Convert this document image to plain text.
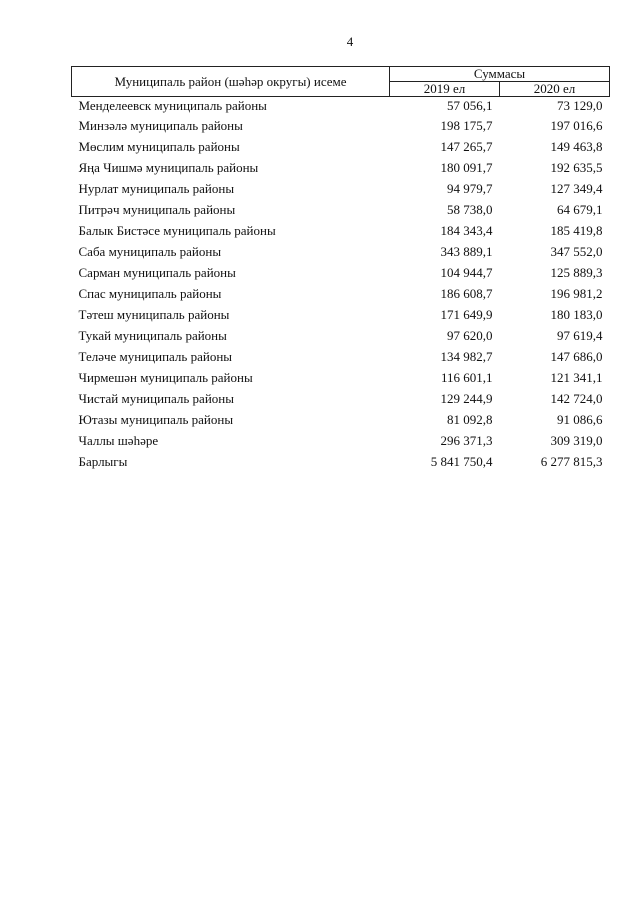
4
Муниципаль район (шәһәр округы) исеме	Суммасы	
	2019 ел	2020 ел
Менделеевск муниципаль районы	57 056,1	73 129,0
Минзәлә муниципаль районы	198 175,7	197 016,6
Мөслим муниципаль районы	147 265,7	149 463,8
Яңа Чишмә муниципаль районы	180 091,7	192 635,5
Нурлат муниципаль районы	94 979,7	127 349,4
Питрәч муниципаль районы	58 738,0	64 679,1
Балык Бистәсе муниципаль районы	184 343,4	185 419,8
Саба муниципаль районы	343 889,1	347 552,0
Сарман муниципаль районы	104 944,7	125 889,3
Спас муниципаль районы	186 608,7	196 981,2
Тәтеш муниципаль районы	171 649,9	180 183,0
Тукай муниципаль районы	97 620,0	97 619,4
Теләче муниципаль районы	134 982,7	147 686,0
Чирмешән муниципаль районы	116 601,1	121 341,1
Чистай муниципаль районы	129 244,9	142 724,0
Ютазы муниципаль районы	81 092,8	91 086,6
Чаллы шәһәре	296 371,3	309 319,0
Барлыгы	5 841 750,4	6 277 815,3
